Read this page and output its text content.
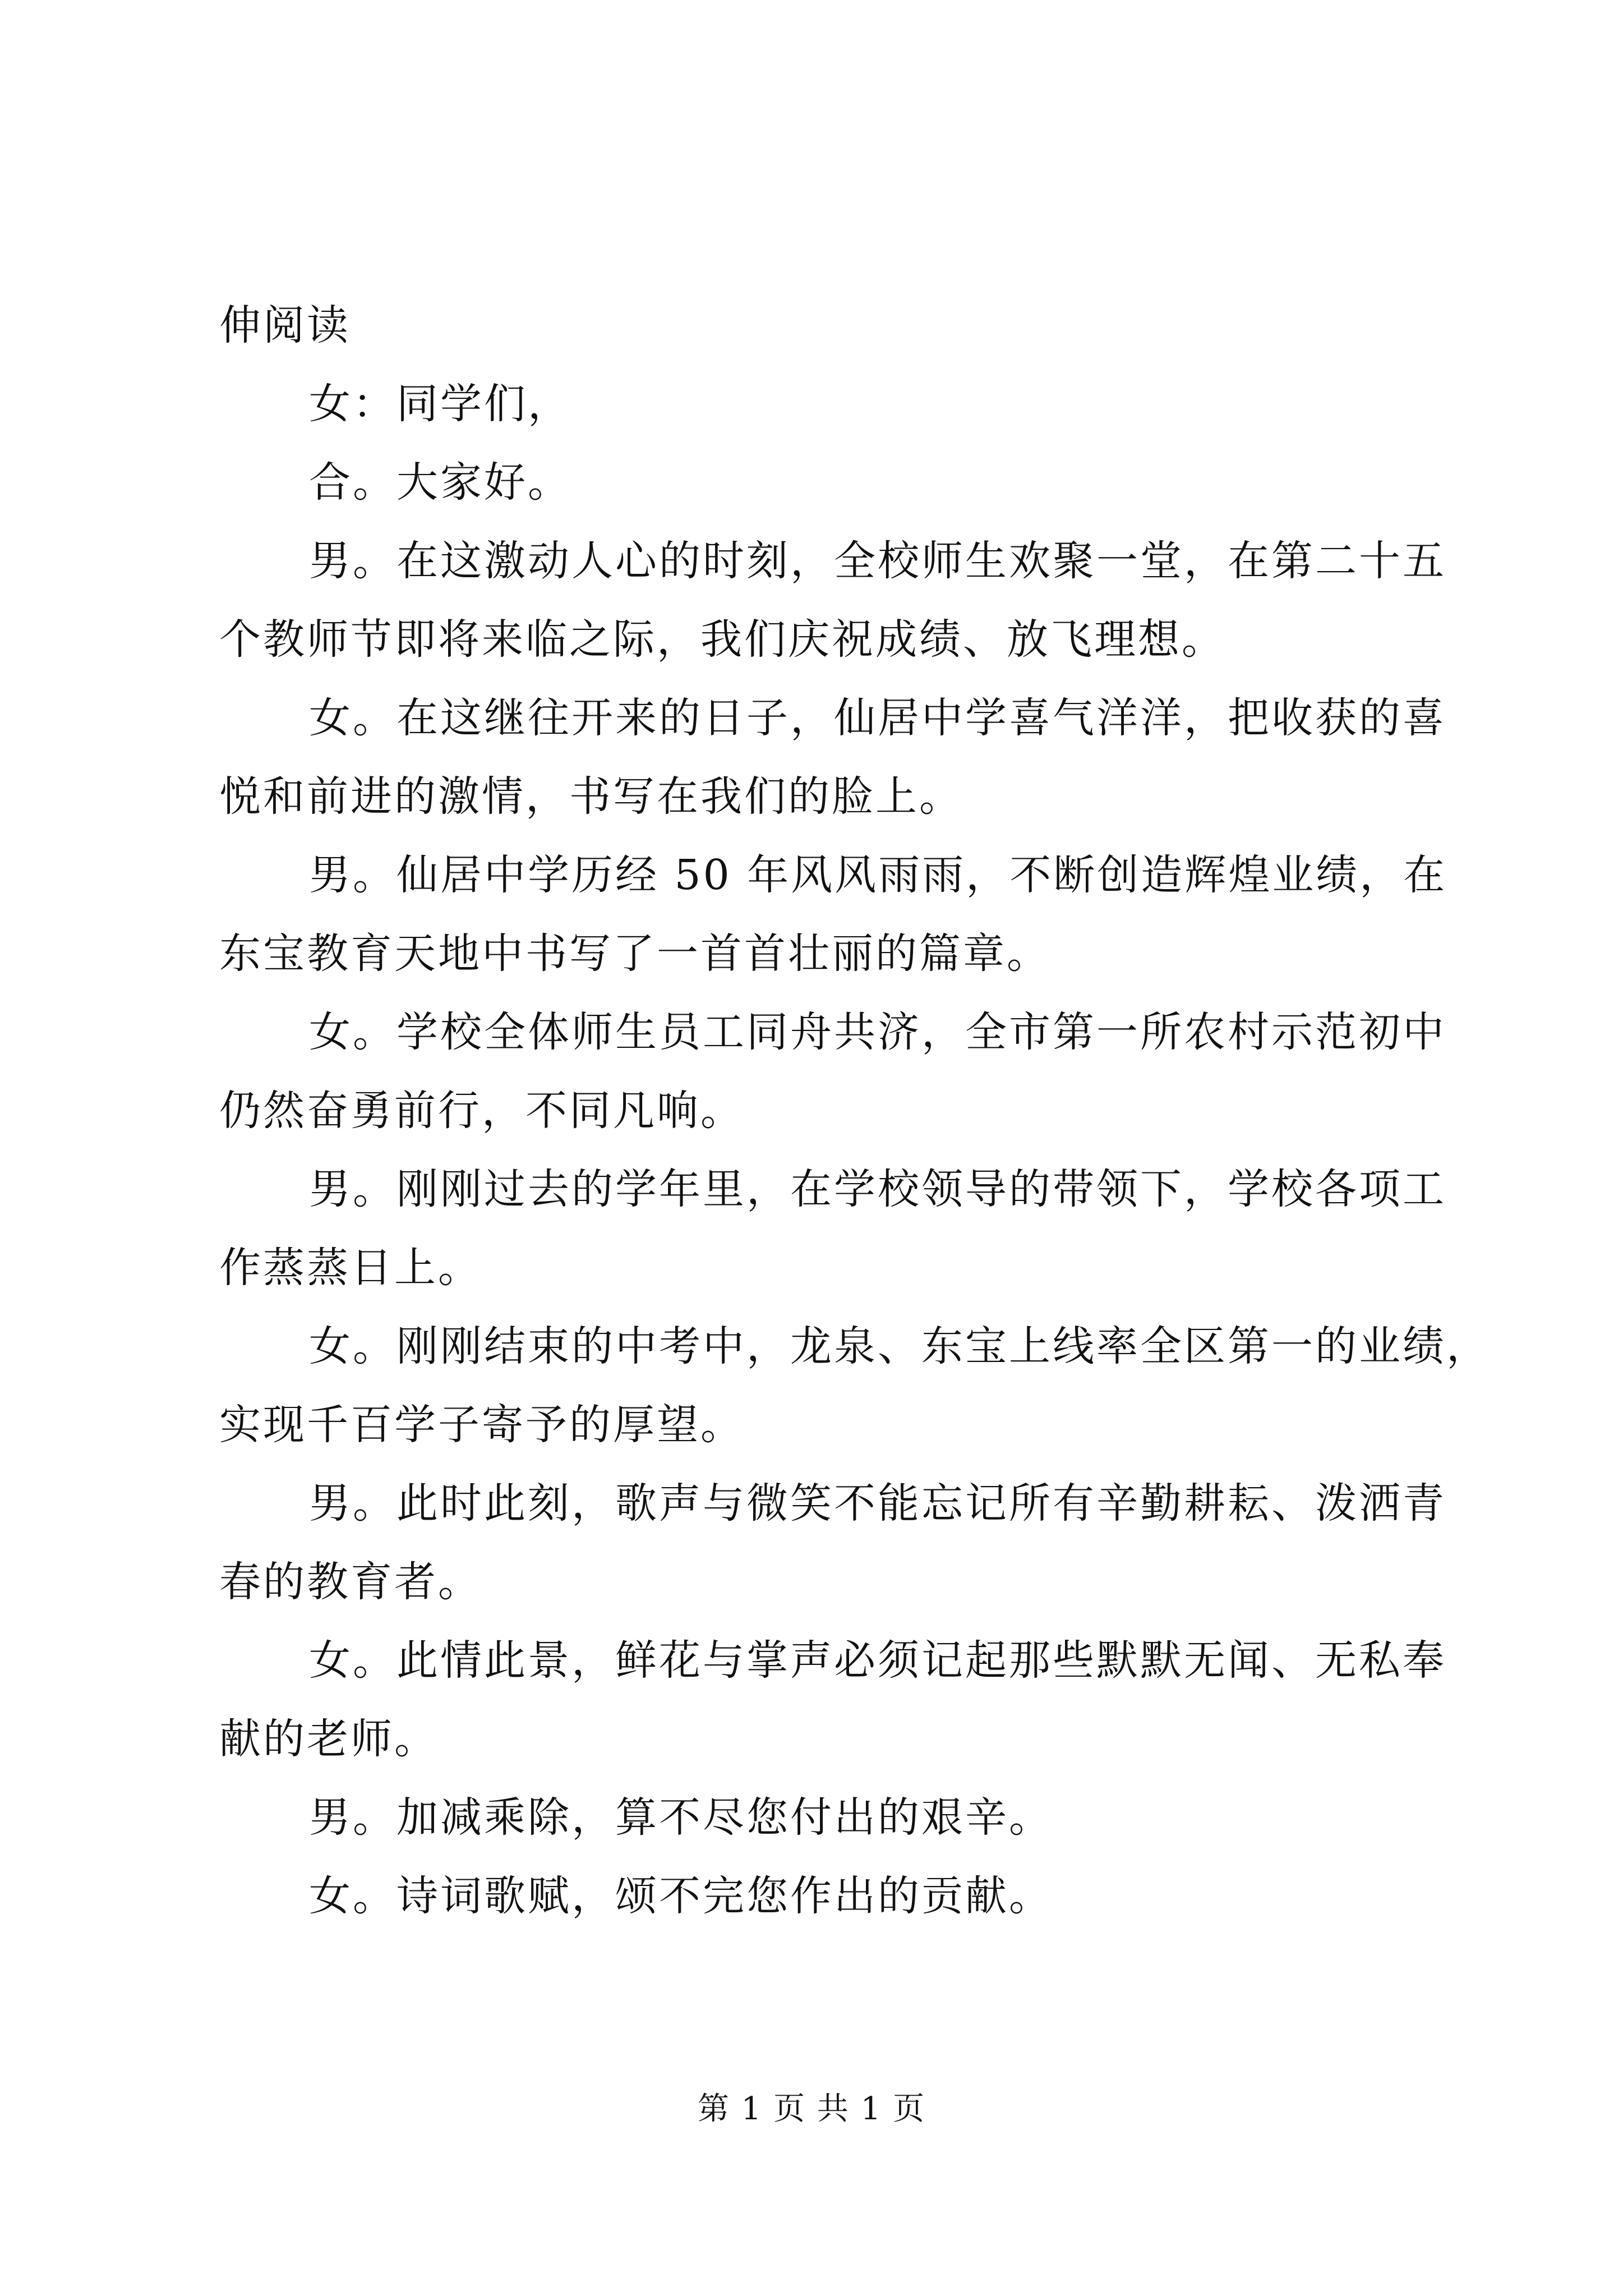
伸阅读
女：同学们，
合。大家好。
男。在这激动人心的时刻，全校师生欢聚一堂，在第二十五
个教师节即将来临之际，我们庆祝成绩、放飞理想。
女。在这继往开来的日子，仙居中学喜气洋洋，把收获的喜
悦和前进的激情，书写在我们的脸上。
男。仙居中学历经 50 年风风雨雨，不断创造辉煌业绩，在
东宝教育天地中书写了一首首壮丽的篇章。
女。学校全体师生员工同舟共济，全市第一所农村示范初中
仍然奋勇前行，不同凡响。
男。刚刚过去的学年里，在学校领导的带领下，学校各项工
作蒸蒸日上。
女。刚刚结束的中考中，龙泉、东宝上线率全区第一的业绩，
实现千百学子寄予的厚望。
男。此时此刻，歌声与微笑不能忘记所有辛勤耕耘、泼洒青
春的教育者。
女。此情此景，鲜花与掌声必须记起那些默默无闻、无私奉
献的老师。
男。加减乘除，算不尽您付出的艰辛。
女。诗词歌赋，颂不完您作出的贡献。
第 1 页 共 1 页
